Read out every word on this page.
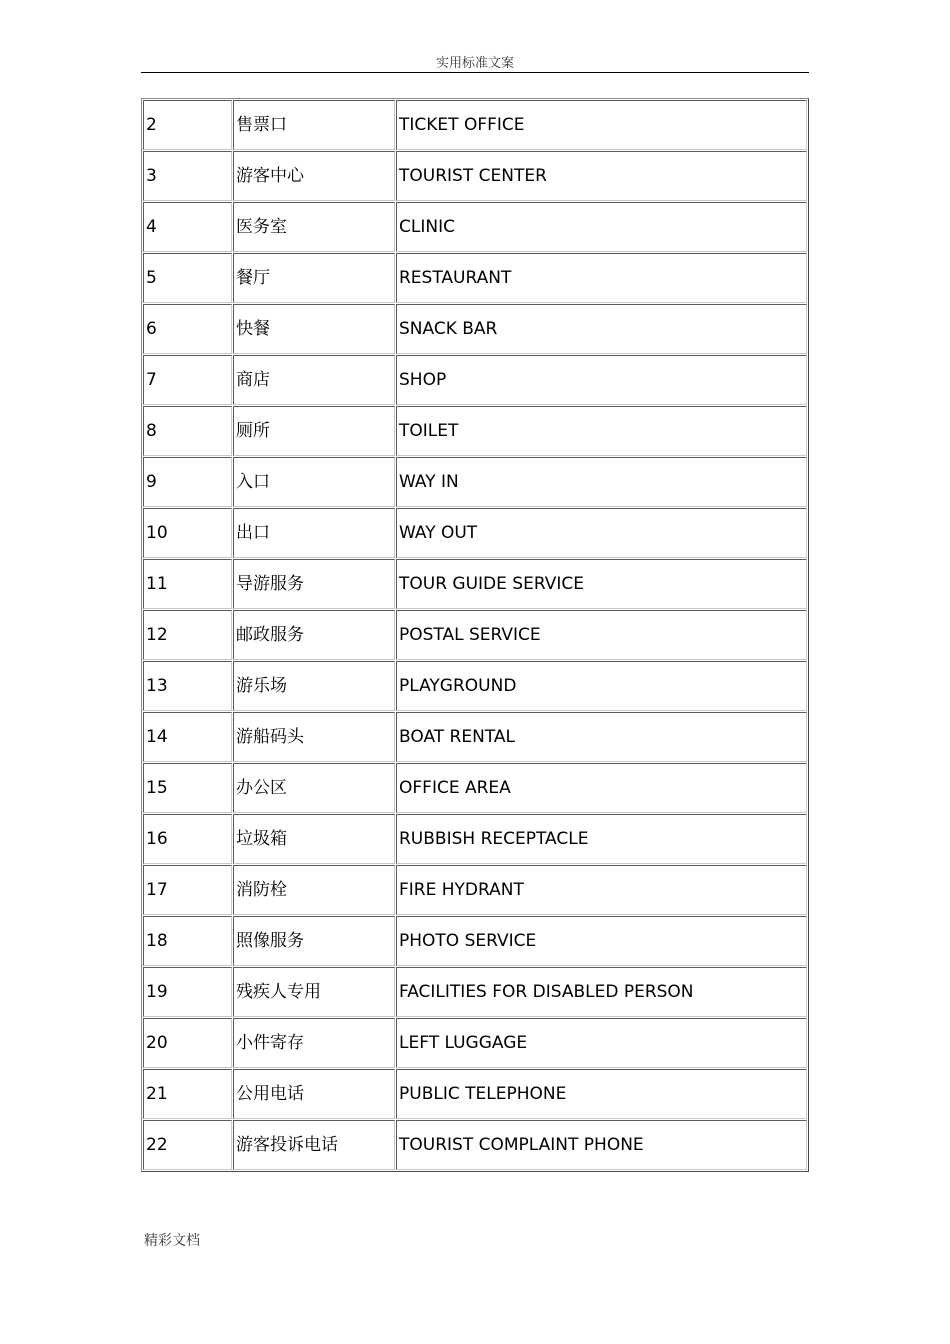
实用标准文案
2	售票口	TICKET OFFICE
3	游客中心	TOURIST CENTER
4	医务室	CLINIC
5	餐厅	RESTAURANT
6	快餐	SNACK BAR
7	商店	SHOP
8	厕所	TOILET
9	入口	WAY IN
10	出口	WAY OUT
11	导游服务	TOUR GUIDE SERVICE
12	邮政服务	POSTAL SERVICE
13	游乐场	PLAYGROUND
14	游船码头	BOAT RENTAL
15	办公区	OFFICE AREA
16	垃圾箱	RUBBISH RECEPTACLE
17	消防栓	FIRE HYDRANT
18	照像服务	PHOTO SERVICE
19	残疾人专用	FACILITIES FOR DISABLED PERSON
20	小件寄存	LEFT LUGGAGE
21	公用电话	PUBLIC TELEPHONE
22	游客投诉电话	TOURIST COMPLAINT PHONE
精彩文档
